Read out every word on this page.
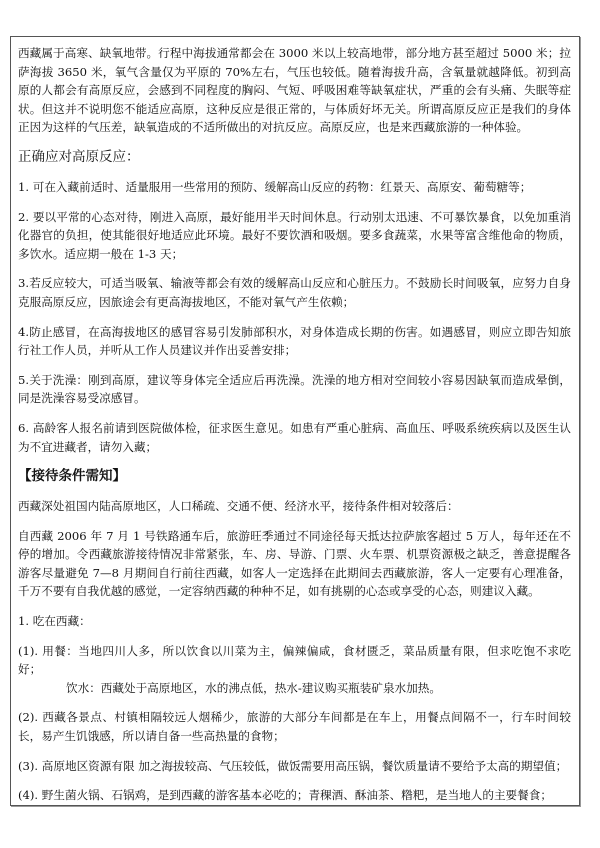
西藏属于高寒、缺氧地带。行程中海拔通常都会在 3000 米以上较高地带，部分地方甚至超过 5000 米；拉萨海拔 3650 米，氧气含量仅为平原的 70%左右，气压也较低。随着海拔升高，含氧量就越降低。初到高原的人都会有高原反应，会感到不同程度的胸闷、气短、呼吸困难等缺氧症状，严重的会有头痛、失眠等症状。但这并不说明您不能适应高原，这种反应是很正常的，与体质好坏无关。所谓高原反应正是我们的身体正因为这样的气压差，缺氧造成的不适所做出的对抗反应。高原反应，也是来西藏旅游的一种体验。

正确应对高原反应：

1. 可在入藏前适时、适量服用一些常用的预防、缓解高山反应的药物：红景天、高原安、葡萄糖等；

2. 要以平常的心态对待，刚进入高原，最好能用半天时间休息。行动别太迅速、不可暴饮暴食，以免加重消化器官的负担，使其能很好地适应此环境。最好不要饮酒和吸烟。要多食蔬菜，水果等富含维他命的物质，多饮水。适应期一般在 1-3 天；

3.若反应较大，可适当吸氧、输液等都会有效的缓解高山反应和心脏压力。不鼓励长时间吸氧，应努力自身克服高原反应，因旅途会有更高海拔地区，不能对氧气产生依赖；

4.防止感冒，在高海拔地区的感冒容易引发肺部积水，对身体造成长期的伤害。如遇感冒，则应立即告知旅行社工作人员，并听从工作人员建议并作出妥善安排；

5.关于洗澡：刚到高原，建议等身体完全适应后再洗澡。洗澡的地方相对空间较小容易因缺氧而造成晕倒，同是洗澡容易受凉感冒。

6. 高龄客人报名前请到医院做体检，征求医生意见。如患有严重心脏病、高血压、呼吸系统疾病以及医生认为不宜进藏者，请勿入藏；

【接待条件需知】

西藏深处祖国内陆高原地区，人口稀疏、交通不便、经济水平，接待条件相对较落后：

自西藏 2006 年 7 月 1 号铁路通车后，旅游旺季通过不同途径每天抵达拉萨旅客超过 5 万人，每年还在不停的增加。令西藏旅游接待情况非常紧张，车、房、导游、门票、火车票、机票资源极之缺乏，善意提醒各游客尽量避免 7—8 月期间自行前往西藏，如客人一定选择在此期间去西藏旅游，客人一定要有心理准备，千万不要有自我优越的感觉，一定容纳西藏的种种不足，如有挑剔的心态或享受的心态，则建议入藏。

1. 吃在西藏：

(1). 用餐：当地四川人多，所以饮食以川菜为主，偏辣偏咸，食材匮乏，菜品质量有限，但求吃饱不求吃好；

饮水：西藏处于高原地区，水的沸点低，热水-建议购买瓶装矿泉水加热。

(2). 西藏各景点、村镇相隔较远人烟稀少，旅游的大部分车间都是在车上，用餐点间隔不一，行车时间较长，易产生饥饿感，所以请自备一些高热量的食物；

(3). 高原地区资源有限 加之海拔较高、气压较低，做饭需要用高压锅，餐饮质量请不要给予太高的期望值；

(4). 野生菌火锅、石锅鸡，是到西藏的游客基本必吃的；青稞酒、酥油茶、糌粑，是当地人的主要餐食；
